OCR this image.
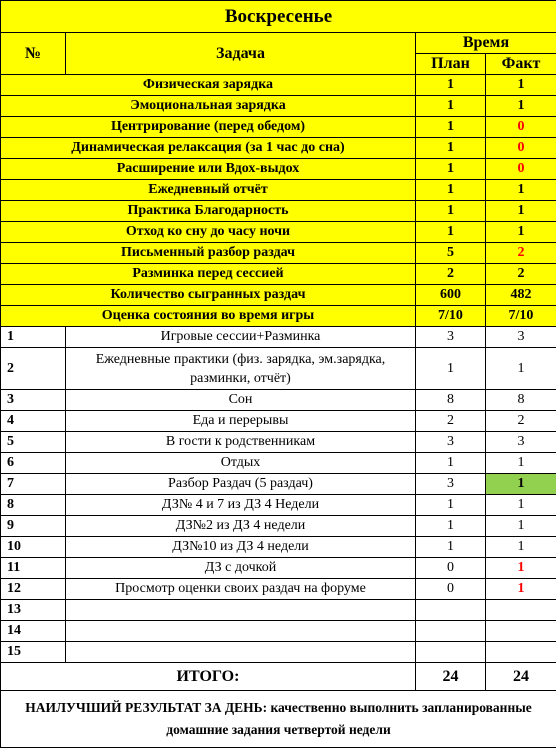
Воскресенье			
№	Задача	Время	
		План	Факт
Физическая зарядка		1	1
Эмоциональная зарядка		1	1
Центрирование (перед обедом)		1	0
Динамическая релаксация (за 1 час до сна)		1	0
Расширение или Вдох-выдох		1	0
Ежедневный отчёт		1	1
Практика Благодарность		1	1
Отход ко сну до часу ночи		1	1
Письменный разбор раздач		5	2
Разминка перед сессией		2	2
Количество сыгранных раздач		600	482
Оценка состояния во время игры		7/10	7/10
1	Игровые сессии+Разминка	3	3
2	Ежедневные практики (физ. зарядка, эм.зарядка, разминки, отчёт)	1	1
3	Сон	8	8
4	Еда и перерывы	2	2
5	В гости к родственникам	3	3
6	Отдых	1	1
7	Разбор Раздач (5 раздач)	3	1
8	ДЗ№ 4 и 7 из ДЗ 4 Недели	1	1
9	ДЗ№2 из ДЗ 4 недели	1	1
10	ДЗ№10 из ДЗ 4 недели	1	1
11	ДЗ с дочкой	0	1
12	Просмотр оценки своих раздач на форуме	0	1
13			
14			
15			
ИТОГО:		24	24
НАИЛУЧШИЙ РЕЗУЛЬТАТ ЗА ДЕНЬ: качественно выполнить запланированные домашние задания четвертой недели			
